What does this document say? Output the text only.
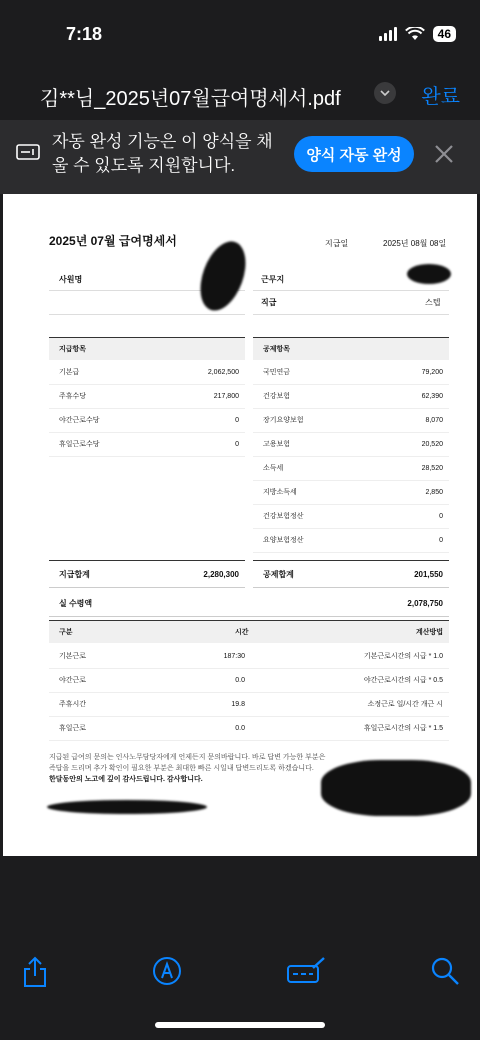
7:18	46
김**님_2025년07월급여명세서.pdf	완료
자동 완성 기능은 이 양식을 채울 수 있도록 지원합니다.
양식 자동 완성
2025년 07월 급여명세서	지급일	2025년 08월 08일
사원명	근무지
직급	스텝
지급항목
기본급	2,062,500
주휴수당	217,800
야간근로수당	0
휴일근로수당	0
공제항목
국민연금	79,200
건강보험	62,390
장기요양보험	8,070
고용보험	20,520
소득세	28,520
지방소득세	2,850
건강보험정산	0
요양보험정산	0
지급합계	2,280,300	공제합계	201,550
실 수령액	2,078,750
구분	시간	계산방법
기본근로	187:30	기본근로시간의 시급 * 1.0
야간근로	0.0	야간근로시간의 시급 * 0.5
주휴시간	19.8	소정근로 일/시간 개근 시
휴일근로	0.0	휴일근로시간의 시급 * 1.5
지급된 급여의 문의는 인사노무담당자에게 언제든지 문의바랍니다. 바로 답변 가능한 부분은
즉답을 드리며 추가 확인이 필요한 부분은 최대한 빠른 시일내 답변드리도록 하겠습니다.
한달동안의 노고에 깊이 감사드립니다. 감사합니다.
